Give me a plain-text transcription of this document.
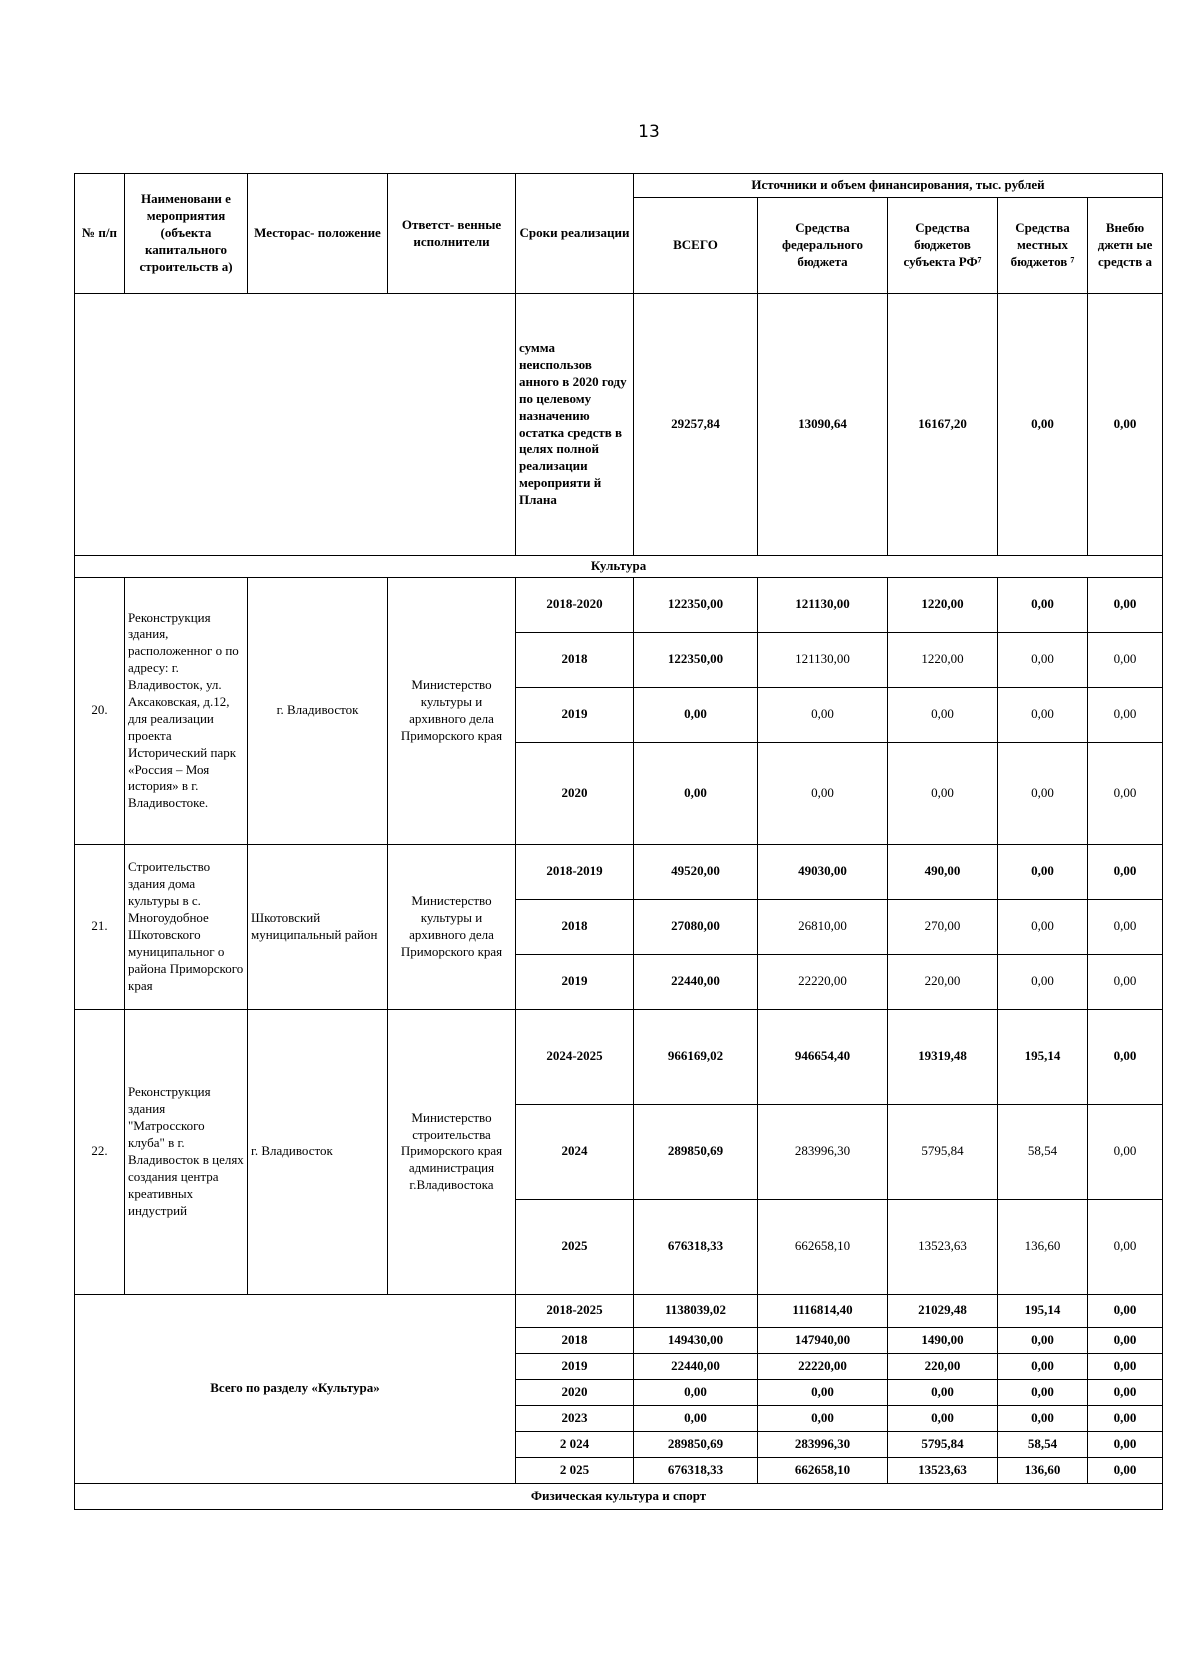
13
№ п/п	Наименовани е мероприятия (объекта капитального строительств а)	Месторас- положение	Ответст- венные исполнители	Сроки реализации	Источники и объем финансирования, тыс. рублей				
					ВСЕГО	Средства федерального бюджета	Средства бюджетов субъекта РФ⁷	Средства местных бюджетов ⁷	Внебю джетн ые средств а
				сумма неиспользов анного в 2020 году по целевому назначению остатка средств в целях полной реализации мероприяти й Плана	29257,84	13090,64	16167,20	0,00	0,00
Культура									
20.	Реконструкция здания, расположенног о по адресу: г. Владивосток, ул. Аксаковская, д.12, для реализации проекта Исторический парк «Россия – Моя история» в г. Владивостоке.	г. Владивосток	Министерство культуры и архивного дела Приморского края	2018-2020	122350,00	121130,00	1220,00	0,00	0,00
				2018	122350,00	121130,00	1220,00	0,00	0,00
				2019	0,00	0,00	0,00	0,00	0,00
				2020	0,00	0,00	0,00	0,00	0,00
21.	Строительство здания дома культуры в с. Многоудобное Шкотовского муниципальног о района Приморского края	Шкотовский муниципальный район	Министерство культуры и архивного дела Приморского края	2018-2019	49520,00	49030,00	490,00	0,00	0,00
				2018	27080,00	26810,00	270,00	0,00	0,00
				2019	22440,00	22220,00	220,00	0,00	0,00
22.	Реконструкция здания "Матросского клуба" в г. Владивосток в целях создания центра креативных индустрий	г. Владивосток	Министерство строительства Приморского края администрация г.Владивостока	2024-2025	966169,02	946654,40	19319,48	195,14	0,00
				2024	289850,69	283996,30	5795,84	58,54	0,00
				2025	676318,33	662658,10	13523,63	136,60	0,00
Всего по разделу «Культура»				2018-2025	1138039,02	1116814,40	21029,48	195,14	0,00
				2018	149430,00	147940,00	1490,00	0,00	0,00
				2019	22440,00	22220,00	220,00	0,00	0,00
				2020	0,00	0,00	0,00	0,00	0,00
				2023	0,00	0,00	0,00	0,00	0,00
				2 024	289850,69	283996,30	5795,84	58,54	0,00
				2 025	676318,33	662658,10	13523,63	136,60	0,00
Физическая культура и спорт									
